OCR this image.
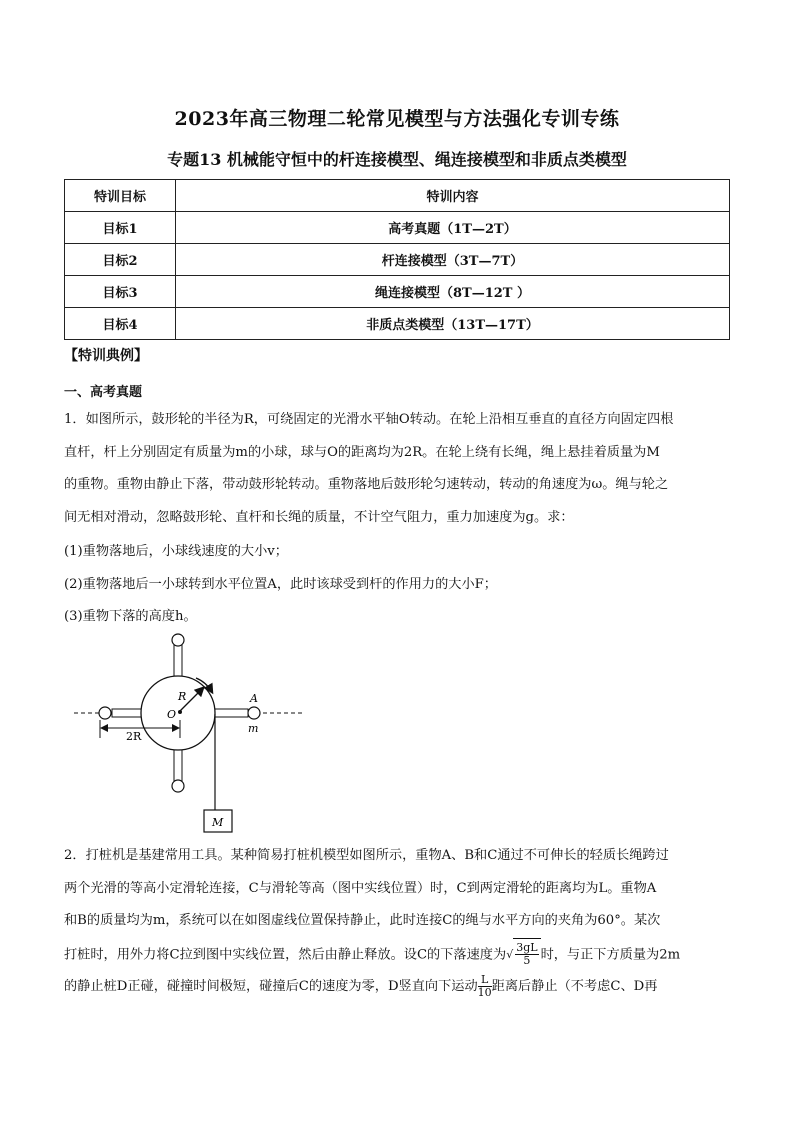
2023年高三物理二轮常见模型与方法强化专训专练
专题13 机械能守恒中的杆连接模型、绳连接模型和非质点类模型
特训目标	特训内容
目标1	高考真题（1T—2T）
目标2	杆连接模型（3T—7T）
目标3	绳连接模型（8T—12T ）
目标4	非质点类模型（13T—17T）
【特训典例】
一、高考真题

1．如图所示，鼓形轮的半径为R，可绕固定的光滑水平轴O转动。在轮上沿相互垂直的直径方向固定四根

直杆，杆上分别固定有质量为m的小球，球与O的距离均为2R。在轮上绕有长绳，绳上悬挂着质量为M

的重物。重物由静止下落，带动鼓形轮转动。重物落地后鼓形轮匀速转动，转动的角速度为ω。绳与轮之

间无相对滑动，忽略鼓形轮、直杆和长绳的质量，不计空气阻力，重力加速度为g。求：

(1)重物落地后，小球线速度的大小v；
(2)重物落地后一小球转到水平位置A，此时该球受到杆的作用力的大小F；
(3)重物下落的高度h。
R
O
A
m
2R
M

2．打桩机是基建常用工具。某种简易打桩机模型如图所示，重物A、B和C通过不可伸长的轻质长绳跨过

两个光滑的等高小定滑轮连接，C与滑轮等高（图中实线位置）时，C到两定滑轮的距离均为L。重物A

和B的质量均为m，系统可以在如图虚线位置保持静止，此时连接C的绳与水平方向的夹角为60°。某次

打桩时，用外力将C拉到图中实线位置，然后由静止释放。设C的下落速度为√ $\frac{3gL}{5}$ 时，与正下方质量为2m

的静止桩D正碰，碰撞时间极短，碰撞后C的速度为零，D竖直向下运动 $\frac{L}{10}$ 距离后静止（不考虑C、D再
